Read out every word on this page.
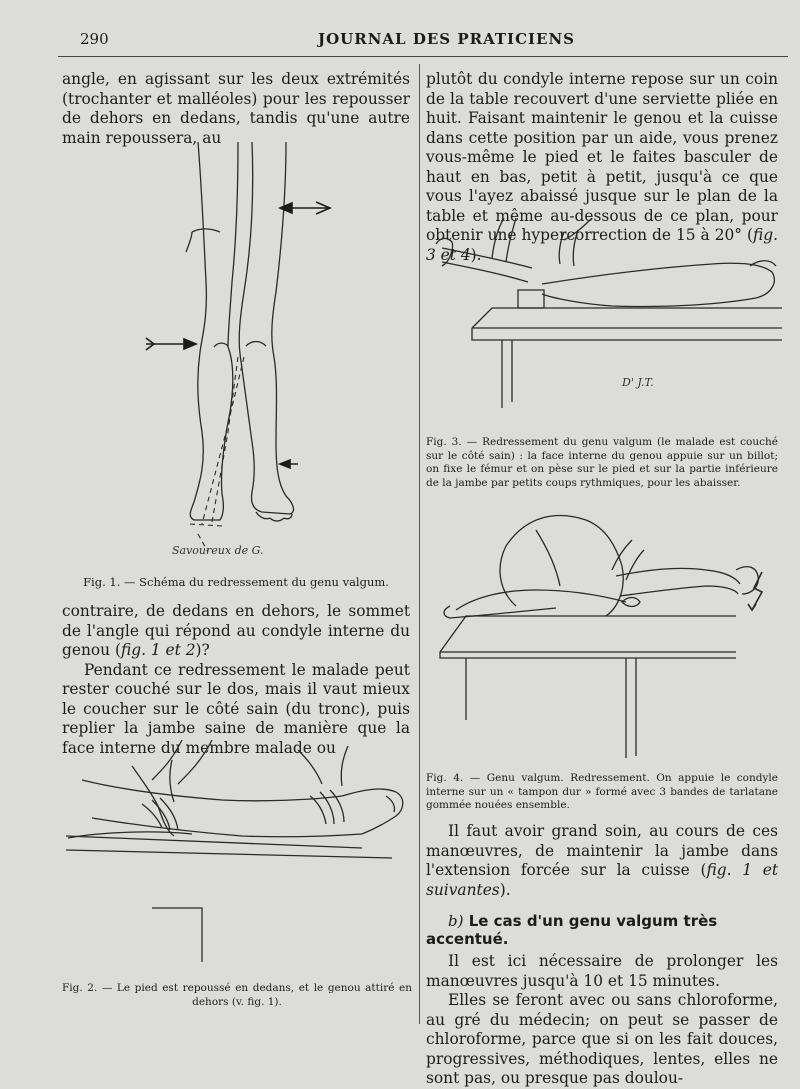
290	JOURNAL DES PRATICIENS

angle, en agissant sur les deux extrémités (trochanter et malléoles) pour les repousser de dehors en dedans, tandis qu'une autre main repoussera, au

Savoureux de G.

Fig. 1. — Schéma du redressement du genu valgum.

contraire, de dedans en dehors, le sommet de l'angle qui répond au condyle interne du genou (fig. 1 et 2)?

Pendant ce redressement le malade peut rester couché sur le dos, mais il vaut mieux le coucher sur le côté sain (du tronc), puis replier la jambe saine de manière que la face interne du membre malade ou

Fig. 2. — Le pied est repoussé en dedans, et le genou attiré en dehors (v. fig. 1).

plutôt du condyle interne repose sur un coin de la table recouvert d'une serviette pliée en huit. Faisant maintenir le genou et la cuisse dans cette position par un aide, vous prenez vous-même le pied et le faites basculer de haut en bas, petit à petit, jusqu'à ce que vous l'ayez abaissé jusque sur le plan de la table et même au-dessous de ce plan, pour obtenir une hypercorrection de 15 à 20° (fig. 3 et 4).

D' J.T.

Fig. 3. — Redressement du genu valgum (le malade est couché sur le côté sain) : la face interne du genou appuie sur un billot; on fixe le fémur et on pèse sur le pied et sur la partie inférieure de la jambe par petits coups rythmiques, pour les abaisser.

Fig. 4. — Genu valgum. Redressement. On appuie le condyle interne sur un « tampon dur » formé avec 3 bandes de tarlatane gommée nouées ensemble.

Il faut avoir grand soin, au cours de ces manœuvres, de maintenir la jambe dans l'extension forcée sur la cuisse (fig. 1 et suivantes).

b) Le cas d'un genu valgum très accentué.

Il est ici nécessaire de prolonger les manœuvres jusqu'à 10 et 15 minutes.

Elles se feront avec ou sans chloroforme, au gré du médecin; on peut se passer de chloroforme, parce que si on les fait douces, progressives, méthodiques, lentes, elles ne sont pas, ou presque pas doulou-
